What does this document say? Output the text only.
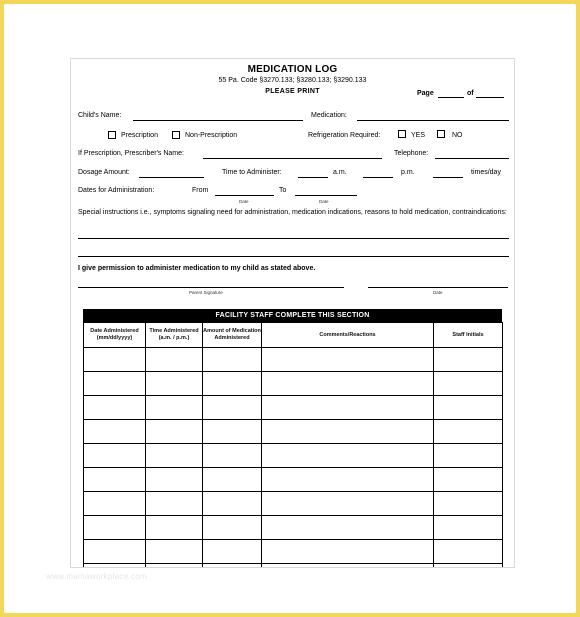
MEDICATION LOG
55 Pa. Code §3270.133; §3280.133; §3290.133
PLEASE PRINT	Page	of
Child's Name:	Medication:
Prescription	Non-Prescription	Refrigeration Required:	YES	NO
If Prescription, Prescriber's Name:	Telephone:
Dosage Amount:	Time to Administer:	a.m.	p.m.	times/day
Dates for Administration:	From
Date
To
Date
Special instructions i.e., symptoms signaling need for administration, medication indications, reasons to hold medication, contraindications:
I give permission to administer medication to my child as stated above.
Parent Signature	Date
FACILITY STAFF COMPLETE THIS SECTION
Date Administered (mm/dd/yyyy)	Time Administered (a.m. / p.m.)	Amount of Medication Administered	Comments/Reactions	Staff Initials

www.mamaworkplace.com
